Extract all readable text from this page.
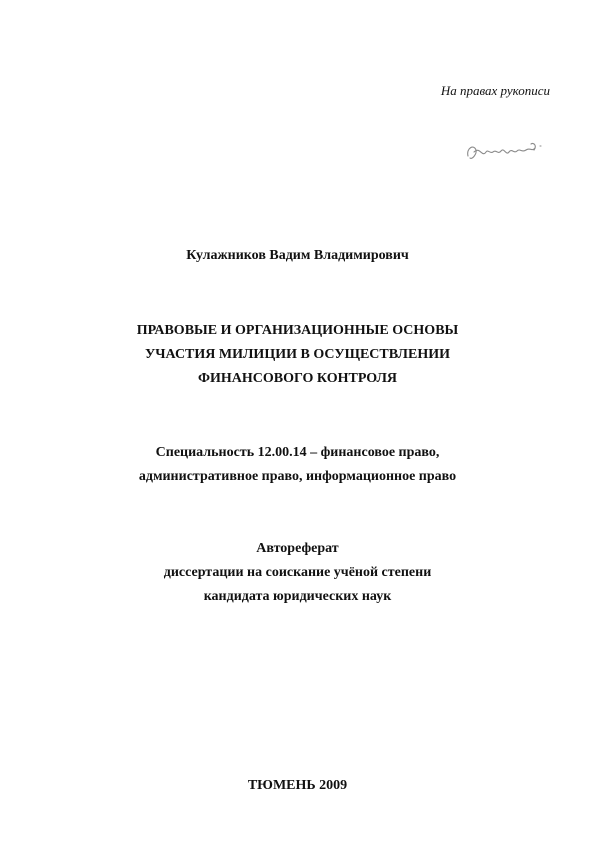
На правах рукописи
Кулажников Вадим Владимирович
ПРАВОВЫЕ И ОРГАНИЗАЦИОННЫЕ ОСНОВЫ
УЧАСТИЯ МИЛИЦИИ В ОСУЩЕСТВЛЕНИИ
ФИНАНСОВОГО КОНТРОЛЯ
Специальность 12.00.14 – финансовое право,
административное право, информационное право
Автореферат
диссертации на соискание учёной степени
кандидата юридических наук
ТЮМЕНЬ 2009
